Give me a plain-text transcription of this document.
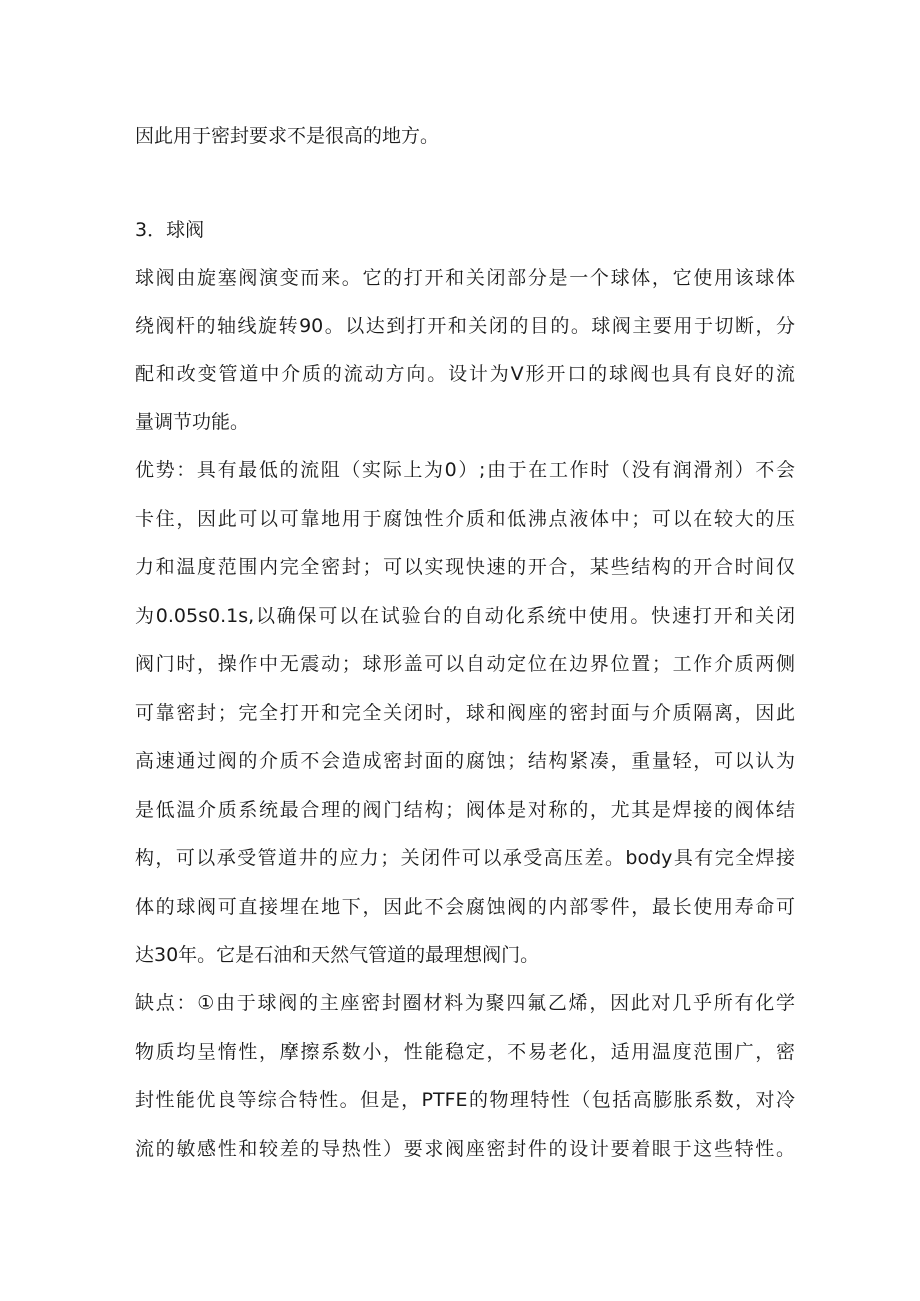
因此用于密封要求不是很高的地方。
3．球阀
球阀由旋塞阀演变而来。它的打开和关闭部分是一个球体，它使用该球体
绕阀杆的轴线旋转90。以达到打开和关闭的目的。球阀主要用于切断，分
配和改变管道中介质的流动方向。设计为V形开口的球阀也具有良好的流
量调节功能。
优势：具有最低的流阻（实际上为0）;由于在工作时（没有润滑剂）不会
卡住，因此可以可靠地用于腐蚀性介质和低沸点液体中；可以在较大的压
力和温度范围内完全密封；可以实现快速的开合，某些结构的开合时间仅
为0.05s0.1s,以确保可以在试验台的自动化系统中使用。快速打开和关闭
阀门时，操作中无震动；球形盖可以自动定位在边界位置；工作介质两侧
可靠密封；完全打开和完全关闭时，球和阀座的密封面与介质隔离，因此
高速通过阀的介质不会造成密封面的腐蚀；结构紧凑，重量轻，可以认为
是低温介质系统最合理的阀门结构；阀体是对称的，尤其是焊接的阀体结
构，可以承受管道井的应力；关闭件可以承受高压差。body具有完全焊接
体的球阀可直接埋在地下，因此不会腐蚀阀的内部零件，最长使用寿命可
达30年。它是石油和天然气管道的最理想阀门。
缺点：①由于球阀的主座密封圈材料为聚四氟乙烯，因此对几乎所有化学
物质均呈惰性，摩擦系数小，性能稳定，不易老化，适用温度范围广，密
封性能优良等综合特性。但是，PTFE的物理特性（包括高膨胀系数，对冷
流的敏感性和较差的导热性）要求阀座密封件的设计要着眼于这些特性。
